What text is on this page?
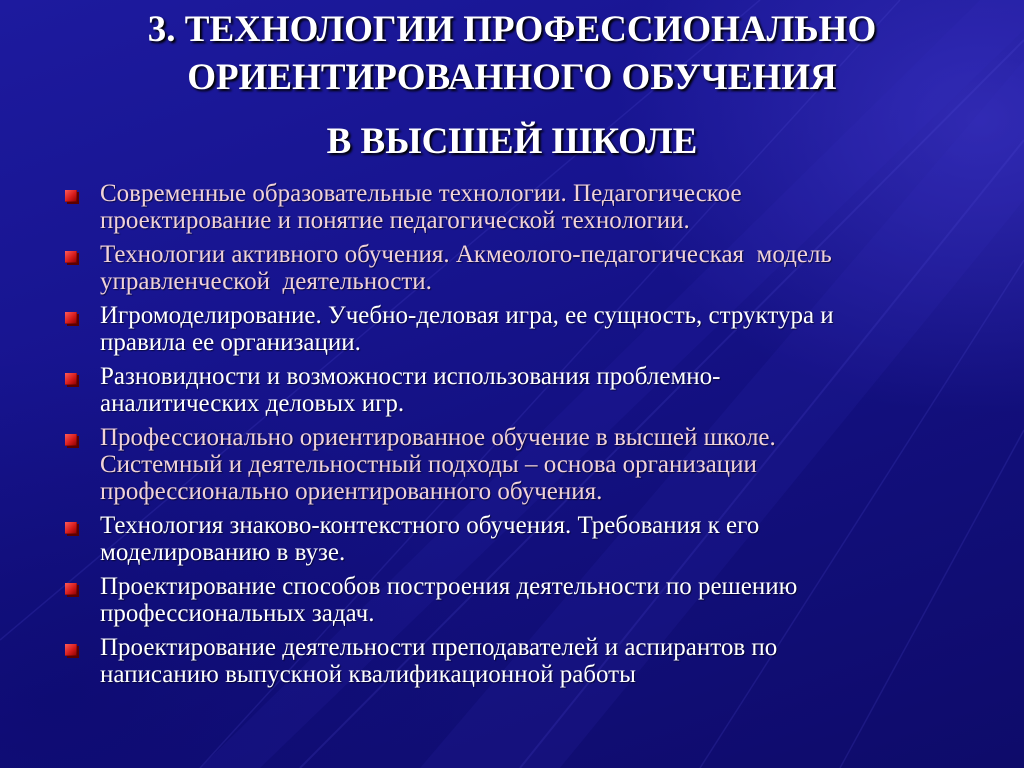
3. ТЕХНОЛОГИИ ПРОФЕССИОНАЛЬНО
ОРИЕНТИРОВАННОГО ОБУЧЕНИЯ
В ВЫСШЕЙ ШКОЛЕ
Современные образовательные технологии. Педагогическое
проектирование и понятие педагогической технологии.
Технологии активного обучения. Акмеолого-педагогическая  модель
управленческой  деятельности.
Игромоделирование. Учебно-деловая игра, ее сущность, структура и
правила ее организации.
Разновидности и возможности использования проблемно-
аналитических деловых игр.
Профессионально ориентированное обучение в высшей школе.
Системный и деятельностный подходы – основа организации
профессионально ориентированного обучения.
Технология знаково-контекстного обучения. Требования к его
моделированию в вузе.
Проектирование способов построения деятельности по решению
профессиональных задач.
Проектирование деятельности преподавателей и аспирантов по
написанию выпускной квалификационной работы
